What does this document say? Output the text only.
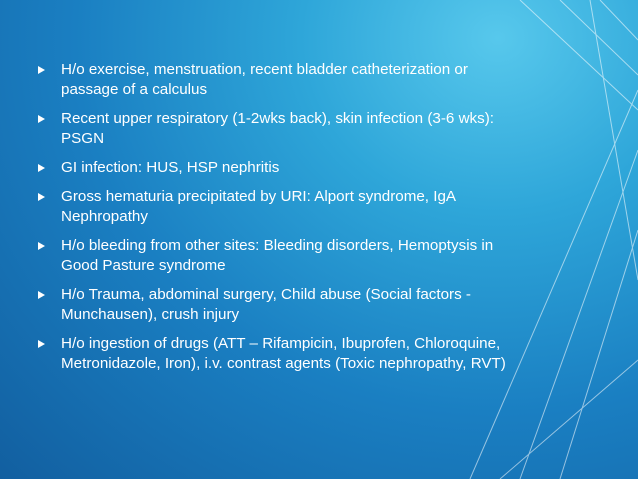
H/o exercise, menstruation, recent bladder catheterization or passage of a calculus
Recent upper respiratory (1-2wks back), skin infection (3-6 wks): PSGN
GI infection: HUS, HSP nephritis
Gross hematuria precipitated by URI: Alport syndrome, IgA Nephropathy
H/o bleeding from other sites: Bleeding disorders, Hemoptysis in Good Pasture syndrome
H/o Trauma, abdominal surgery, Child abuse (Social factors - Munchausen), crush injury
H/o ingestion of drugs (ATT – Rifampicin, Ibuprofen, Chloroquine, Metronidazole, Iron), i.v. contrast agents (Toxic nephropathy, RVT)
